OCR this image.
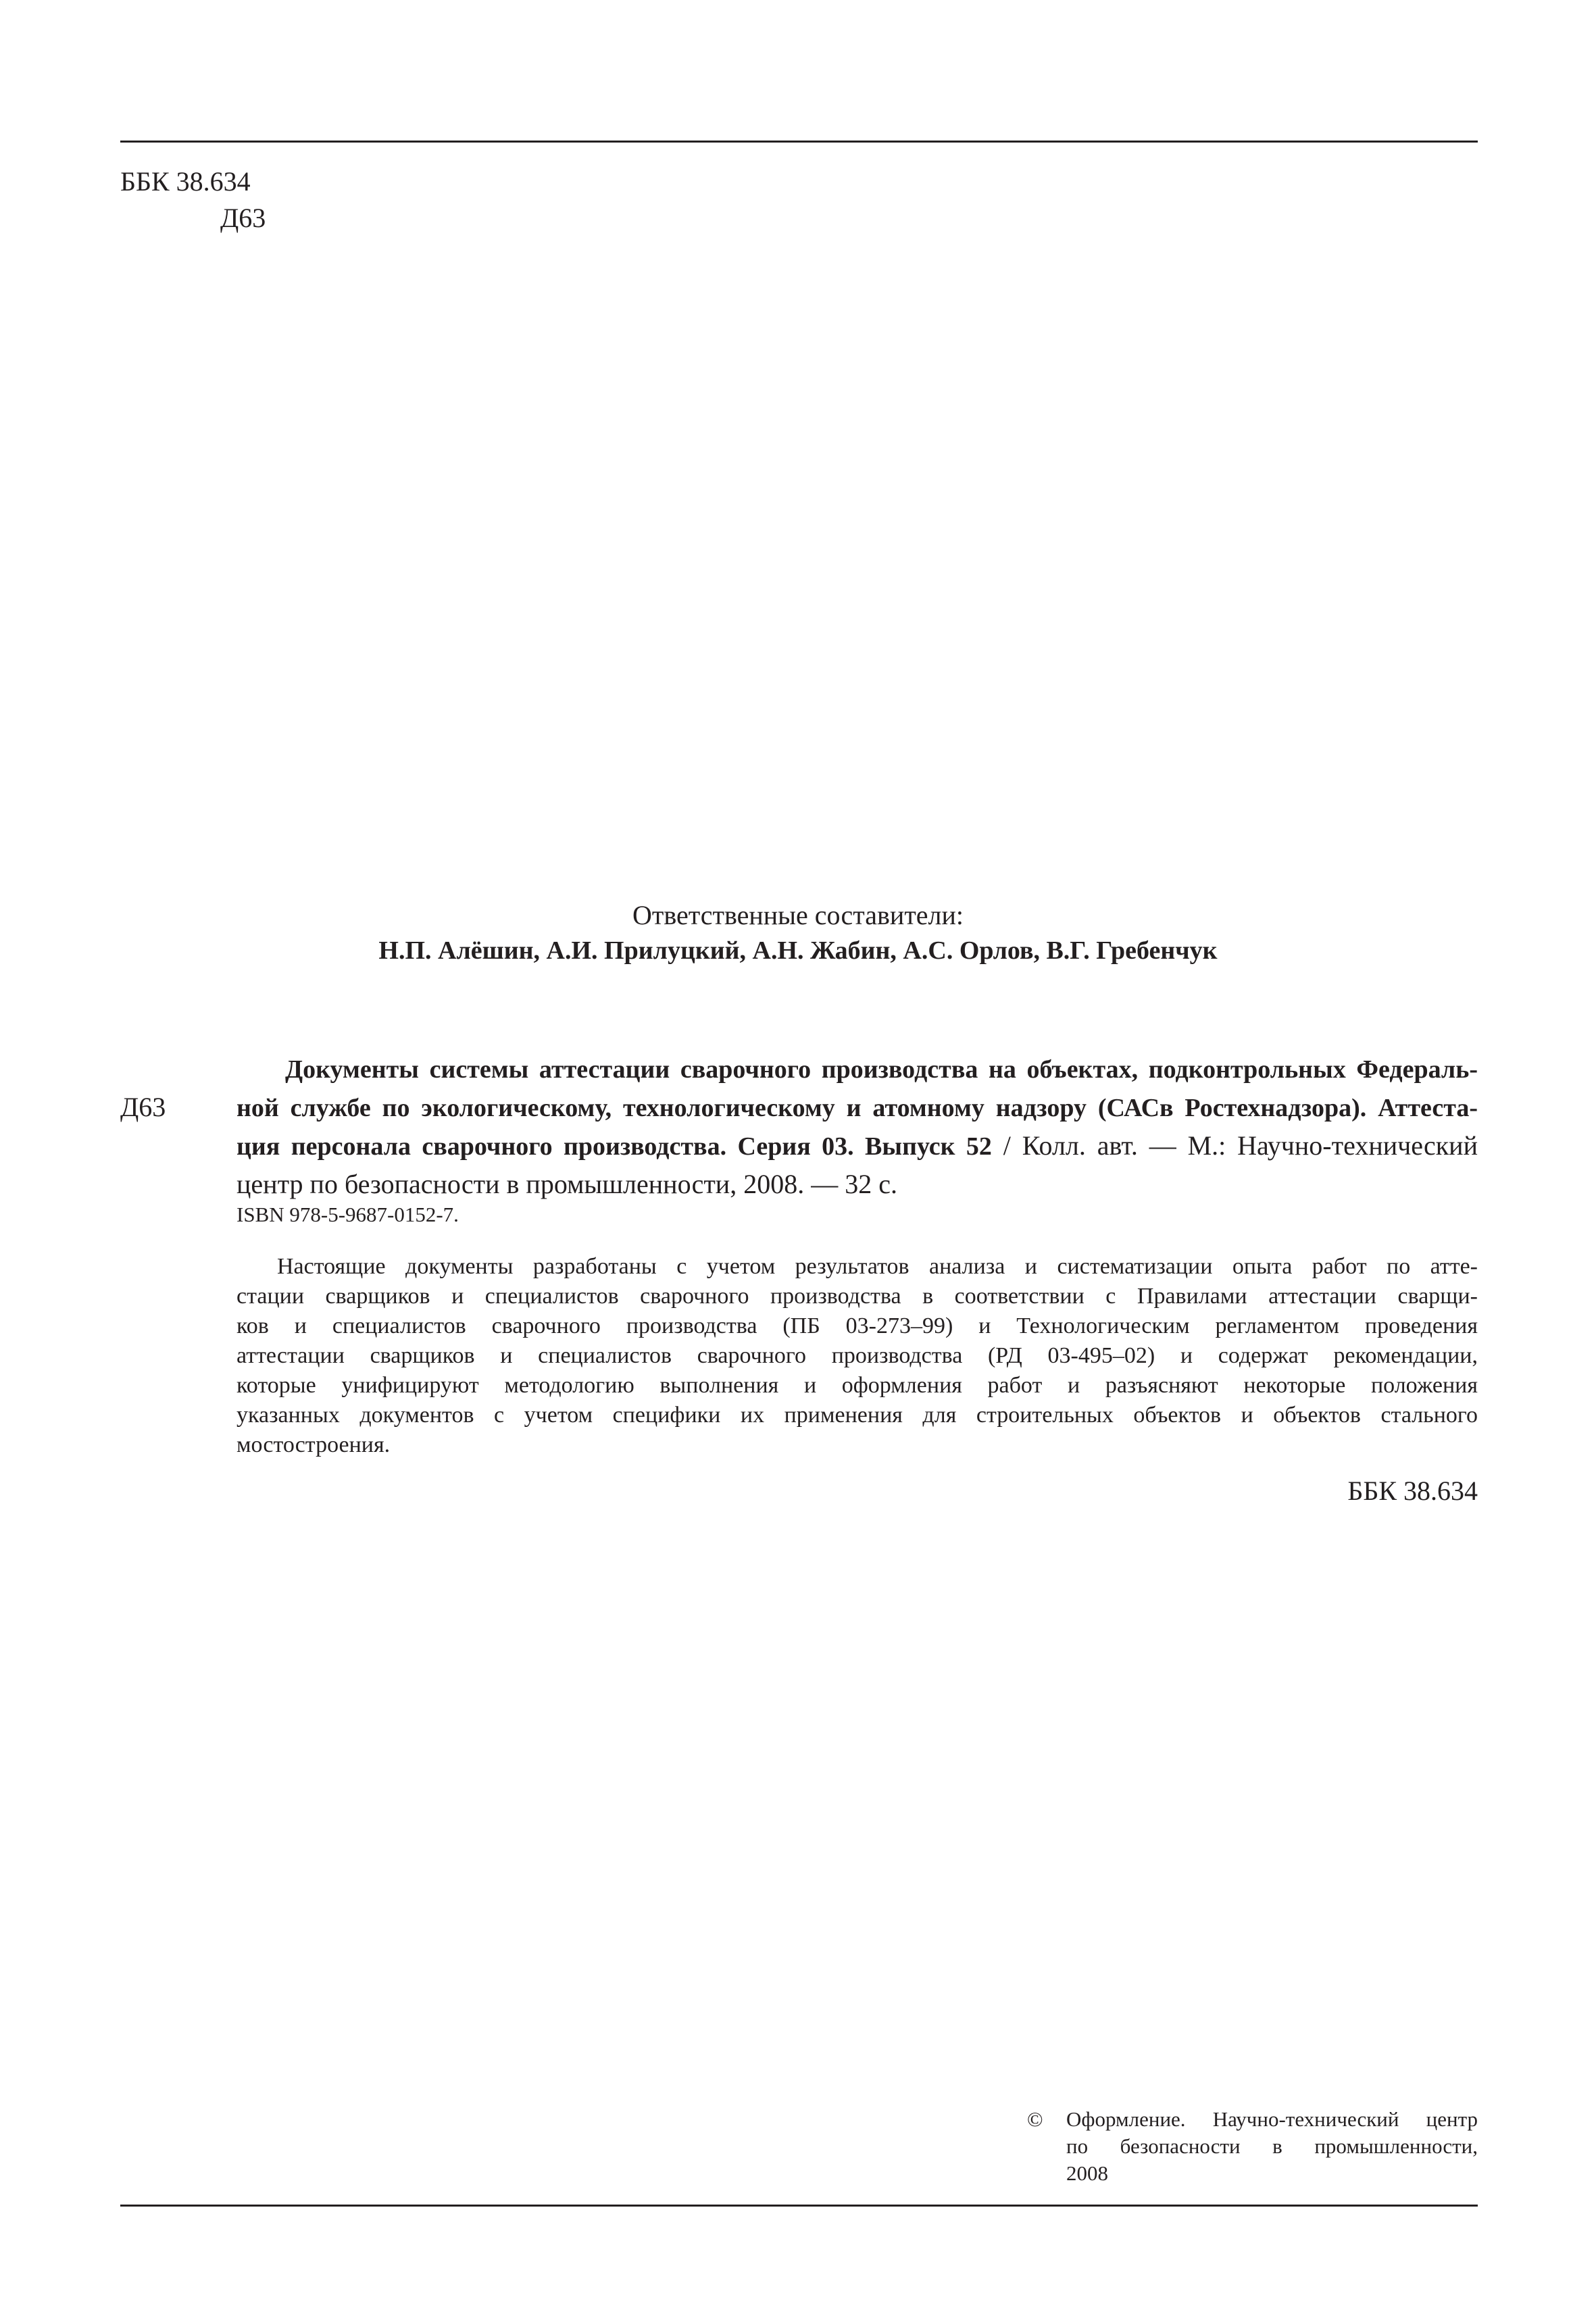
ББК 38.634
Д63
Ответственные составители:
Н.П. Алёшин, А.И. Прилуцкий, А.Н. Жабин, А.С. Орлов, В.Г. Гребенчук
Д63
Документы системы аттестации сварочного производства на объектах, подконтрольных Федераль-
ной службе по экологическому, технологическому и атомному надзору (САСв Ростехнадзора). Аттеста-
ция персонала сварочного производства. Серия 03. Выпуск 52 / Колл. авт. — М.: Научно-технический
центр по безопасности в промышленности, 2008. — 32 с.
ISBN 978-5-9687-0152-7.
Настоящие документы разработаны с учетом результатов анализа и систематизации опыта работ по атте-
стации сварщиков и специалистов сварочного производства в соответствии с Правилами аттестации сварщи-
ков и специалистов сварочного производства (ПБ 03-273–99) и Технологическим регламентом проведения
аттестации сварщиков и специалистов сварочного производства (РД 03-495–02) и содержат рекомендации,
которые унифицируют методологию выполнения и оформления работ и разъясняют некоторые положения
указанных документов с учетом специфики их применения для строительных объектов и объектов стального
мостостроения.
ББК 38.634
© Оформление. Научно-технический центр
по безопасности в промышленности,
2008
